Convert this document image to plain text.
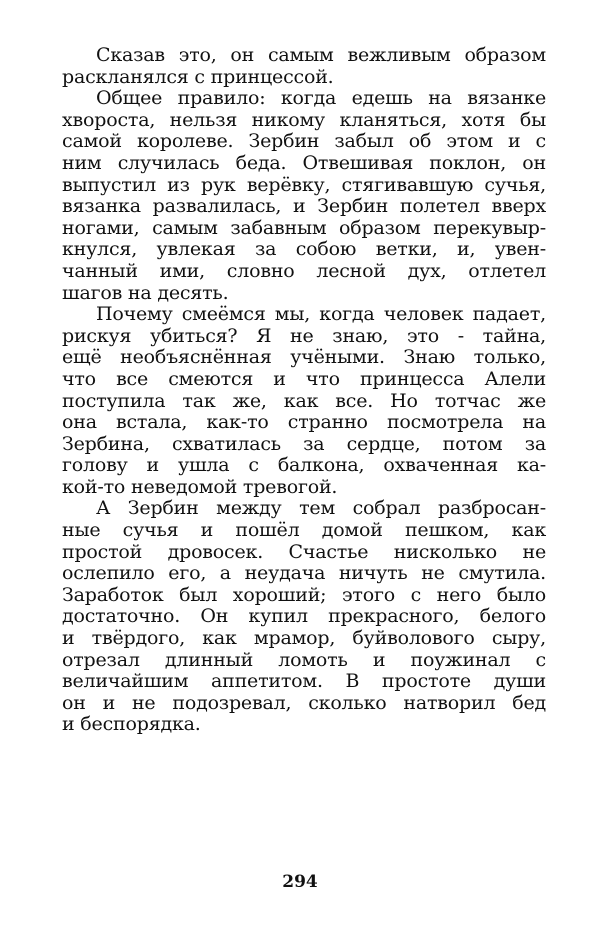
Сказав это, он самым вежливым образом
раскланялся с принцессой.

Общее правило: когда едешь на вязанке
хвороста, нельзя никому кланяться, хотя бы
самой королеве. Зербин забыл об этом и с
ним случилась беда. Отвешивая поклон, он
выпустил из рук верёвку, стягивавшую сучья,
вязанка развалилась, и Зербин полетел вверх
ногами, самым забавным образом перекувыр-
кнулся, увлекая за собою ветки, и, увен-
чанный ими, словно лесной дух, отлетел
шагов на десять.

Почему смеёмся мы, когда человек падает,
рискуя убиться? Я не знаю, это - тайна,
ещё необъяснённая учёными. Знаю только,
что все смеются и что принцесса Алели
поступила так же, как все. Но тотчас же
она встала, как-то странно посмотрела на
Зербина, схватилась за сердце, потом за
голову и ушла с балкона, охваченная ка-
кой-то неведомой тревогой.

А Зербин между тем собрал разбросан-
ные сучья и пошёл домой пешком, как
простой дровосек. Счастье нисколько не
ослепило его, а неудача ничуть не смутила.
Заработок был хороший; этого с него было
достаточно. Он купил прекрасного, белого
и твёрдого, как мрамор, буйволового сыру,
отрезал длинный ломоть и поужинал с
величайшим аппетитом. В простоте души
он и не подозревал, сколько натворил бед
и беспорядка.

294
